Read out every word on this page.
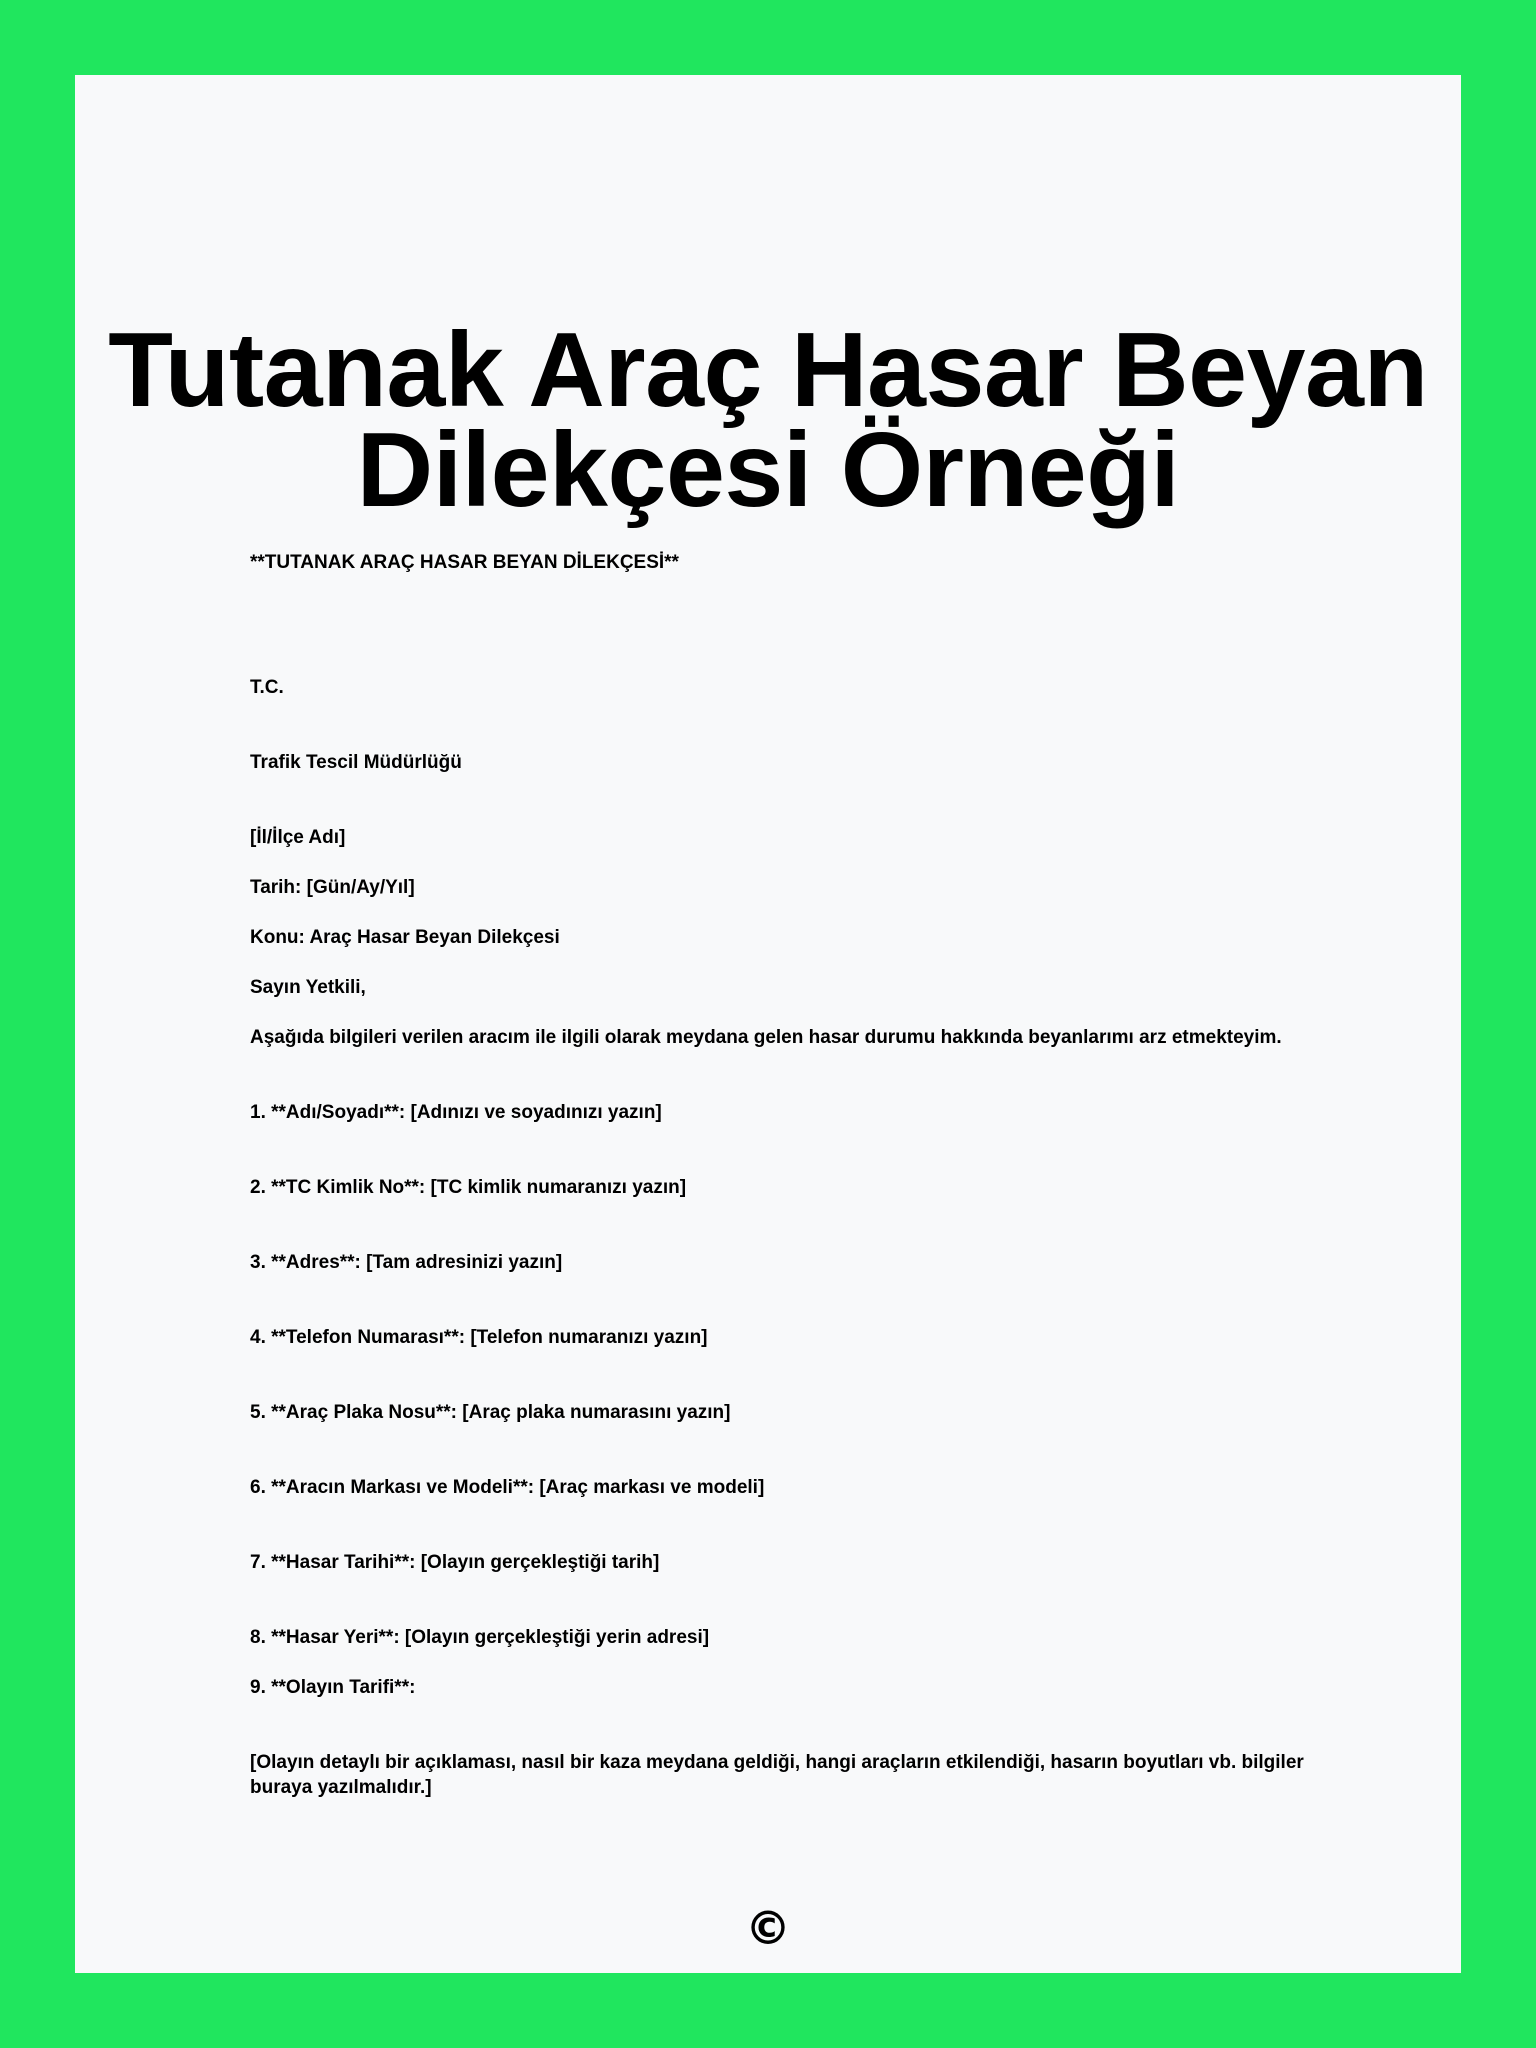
Tutanak Araç Hasar Beyan Dilekçesi Örneği

**TUTANAK ARAÇ HASAR BEYAN DİLEKÇESİ**

T.C.

Trafik Tescil Müdürlüğü

[İl/İlçe Adı]

Tarih: [Gün/Ay/Yıl]

Konu: Araç Hasar Beyan Dilekçesi

Sayın Yetkili,

Aşağıda bilgileri verilen aracım ile ilgili olarak meydana gelen hasar durumu hakkında beyanlarımı arz etmekteyim.

1. **Adı/Soyadı**: [Adınızı ve soyadınızı yazın]

2. **TC Kimlik No**: [TC kimlik numaranızı yazın]

3. **Adres**: [Tam adresinizi yazın]

4. **Telefon Numarası**: [Telefon numaranızı yazın]

5. **Araç Plaka Nosu**: [Araç plaka numarasını yazın]

6. **Aracın Markası ve Modeli**: [Araç markası ve modeli]

7. **Hasar Tarihi**: [Olayın gerçekleştiği tarih]

8. **Hasar Yeri**: [Olayın gerçekleştiği yerin adresi]

9. **Olayın Tarifi**:

[Olayın detaylı bir açıklaması, nasıl bir kaza meydana geldiği, hangi araçların etkilendiği, hasarın boyutları vb. bilgiler buraya yazılmalıdır.]

©
